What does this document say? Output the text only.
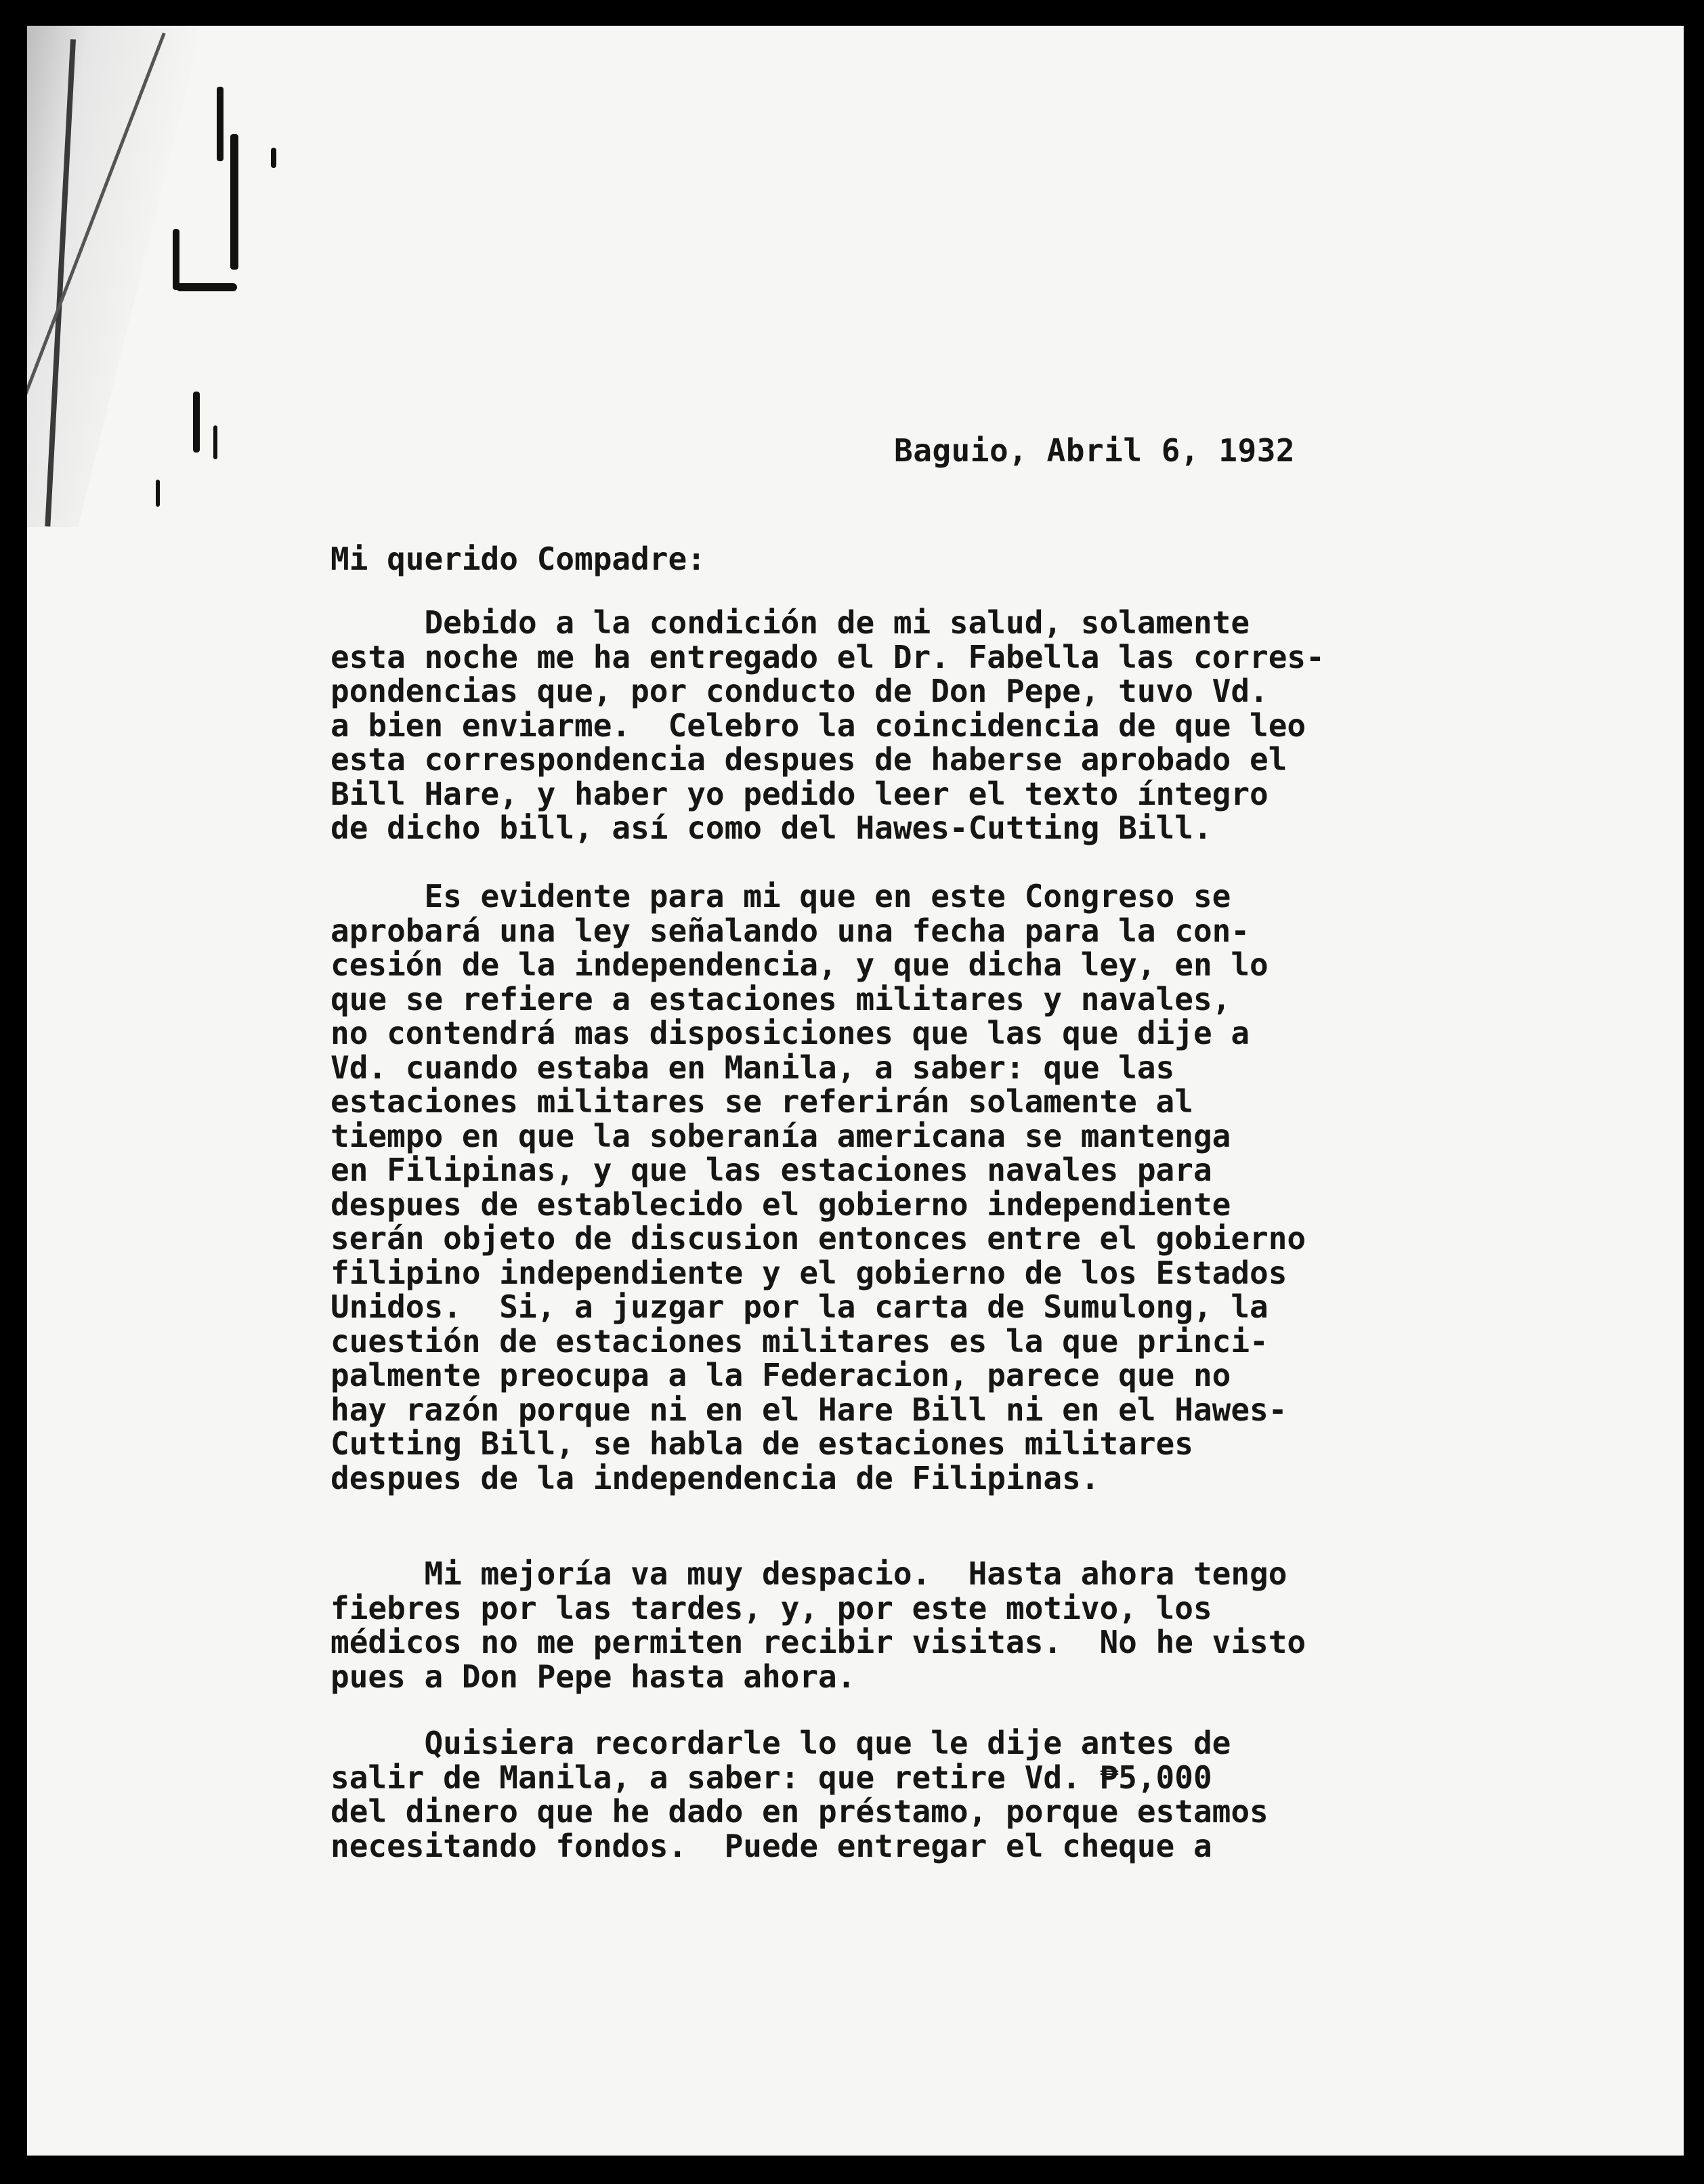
Baguio, Abril 6, 1932
Mi querido Compadre:
Debido a la condición de mi salud, solamente
esta noche me ha entregado el Dr. Fabella las corres-
pondencias que, por conducto de Don Pepe, tuvo Vd.
a bien enviarme.  Celebro la coincidencia de que leo
esta correspondencia despues de haberse aprobado el
Bill Hare, y haber yo pedido leer el texto íntegro
de dicho bill, así como del Hawes-Cutting Bill.
Es evidente para mi que en este Congreso se
aprobará una ley señalando una fecha para la con-
cesión de la independencia, y que dicha ley, en lo
que se refiere a estaciones militares y navales,
no contendrá mas disposiciones que las que dije a
Vd. cuando estaba en Manila, a saber: que las
estaciones militares se referirán solamente al
tiempo en que la soberanía americana se mantenga
en Filipinas, y que las estaciones navales para
despues de establecido el gobierno independiente
serán objeto de discusion entonces entre el gobierno
filipino independiente y el gobierno de los Estados
Unidos.  Si, a juzgar por la carta de Sumulong, la
cuestión de estaciones militares es la que princi-
palmente preocupa a la Federacion, parece que no
hay razón porque ni en el Hare Bill ni en el Hawes-
Cutting Bill, se habla de estaciones militares
despues de la independencia de Filipinas.
Mi mejoría va muy despacio.  Hasta ahora tengo
fiebres por las tardes, y, por este motivo, los
médicos no me permiten recibir visitas.  No he visto
pues a Don Pepe hasta ahora.
Quisiera recordarle lo que le dije antes de
salir de Manila, a saber: que retire Vd. ₱5,000
del dinero que he dado en préstamo, porque estamos
necesitando fondos.  Puede entregar el cheque a
